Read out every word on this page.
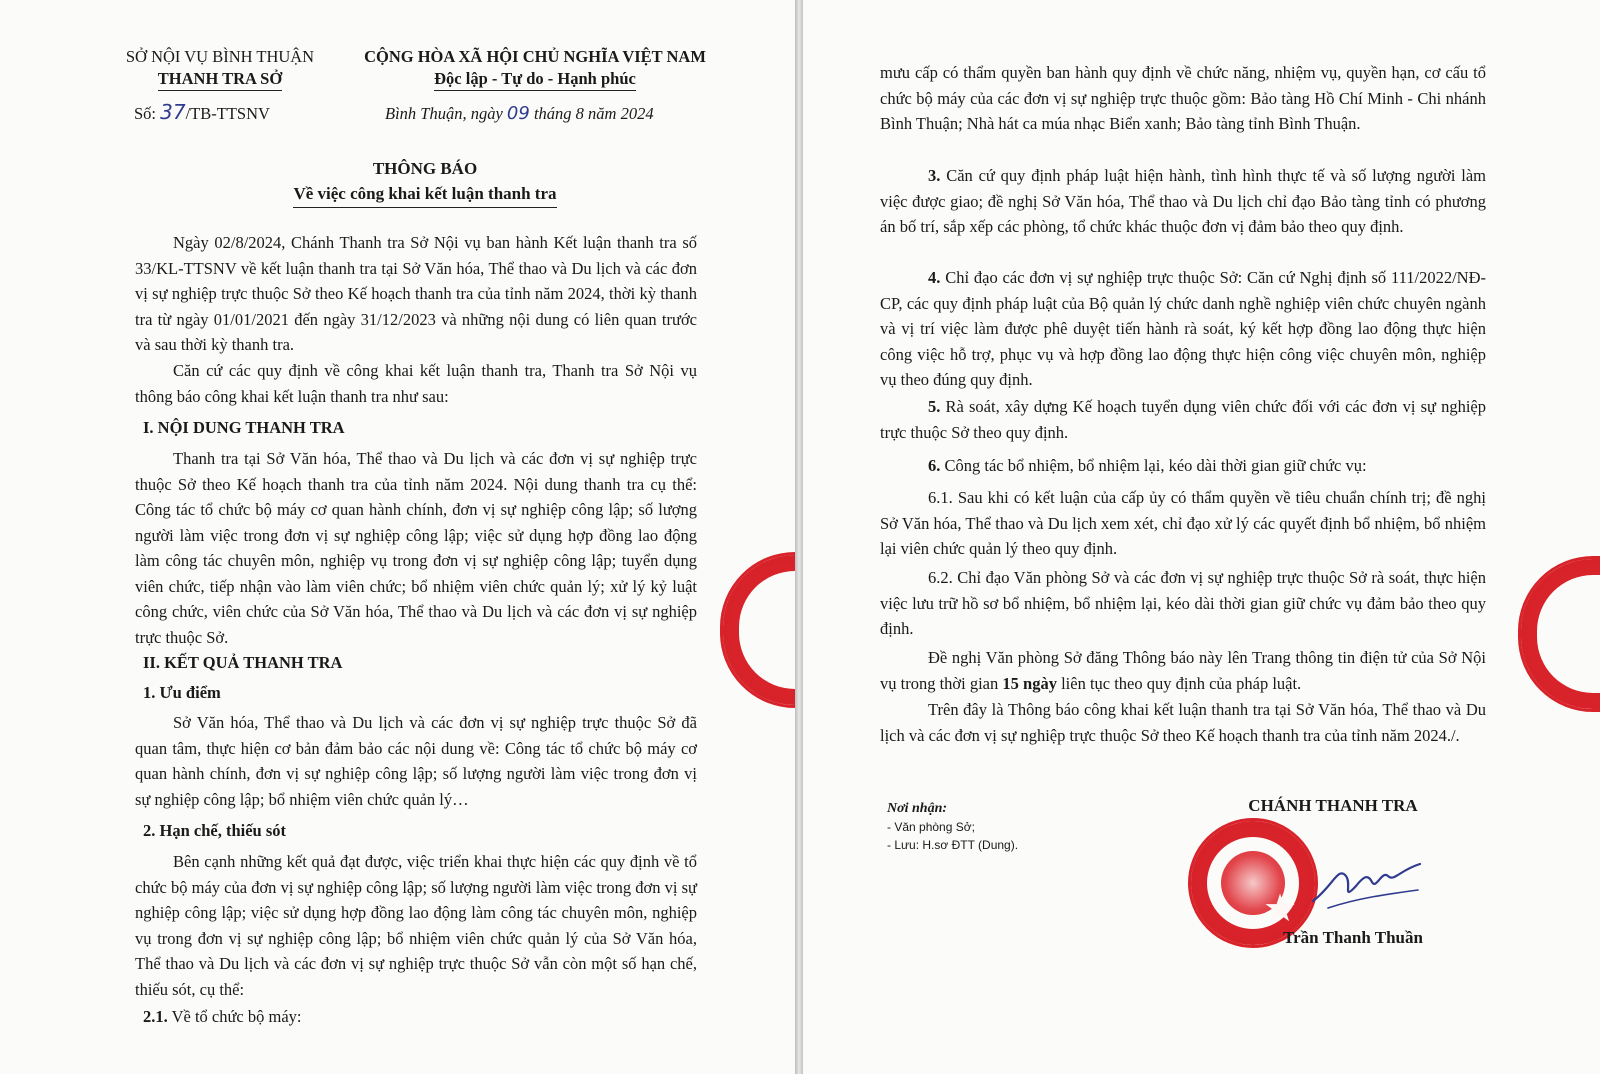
SỞ NỘI VỤ BÌNH THUẬN
THANH TRA SỞ
CỘNG HÒA XÃ HỘI CHỦ NGHĨA VIỆT NAM
Độc lập - Tự do - Hạnh phúc
Số: 37/TB-TTSNV	Bình Thuận, ngày 09 tháng 8 năm 2024
THÔNG BÁO
Về việc công khai kết luận thanh tra
Ngày 02/8/2024, Chánh Thanh tra Sở Nội vụ ban hành Kết luận thanh tra số 33/KL-TTSNV về kết luận thanh tra tại Sở Văn hóa, Thể thao và Du lịch và các đơn vị sự nghiệp trực thuộc Sở theo Kế hoạch thanh tra của tỉnh năm 2024, thời kỳ thanh tra từ ngày 01/01/2021 đến ngày 31/12/2023 và những nội dung có liên quan trước và sau thời kỳ thanh tra.
Căn cứ các quy định về công khai kết luận thanh tra, Thanh tra Sở Nội vụ thông báo công khai kết luận thanh tra như sau:
I. NỘI DUNG THANH TRA
Thanh tra tại Sở Văn hóa, Thể thao và Du lịch và các đơn vị sự nghiệp trực thuộc Sở theo Kế hoạch thanh tra của tỉnh năm 2024. Nội dung thanh tra cụ thể: Công tác tổ chức bộ máy cơ quan hành chính, đơn vị sự nghiệp công lập; số lượng người làm việc trong đơn vị sự nghiệp công lập; việc sử dụng hợp đồng lao động làm công tác chuyên môn, nghiệp vụ trong đơn vị sự nghiệp công lập; tuyển dụng viên chức, tiếp nhận vào làm viên chức; bổ nhiệm viên chức quản lý; xử lý kỷ luật công chức, viên chức của Sở Văn hóa, Thể thao và Du lịch và các đơn vị sự nghiệp trực thuộc Sở.
II. KẾT QUẢ THANH TRA
1. Ưu điểm
Sở Văn hóa, Thể thao và Du lịch và các đơn vị sự nghiệp trực thuộc Sở đã quan tâm, thực hiện cơ bản đảm bảo các nội dung về: Công tác tổ chức bộ máy cơ quan hành chính, đơn vị sự nghiệp công lập; số lượng người làm việc trong đơn vị sự nghiệp công lập; bổ nhiệm viên chức quản lý…
2. Hạn chế, thiếu sót
Bên cạnh những kết quả đạt được, việc triển khai thực hiện các quy định về tổ chức bộ máy của đơn vị sự nghiệp công lập; số lượng người làm việc trong đơn vị sự nghiệp công lập; việc sử dụng hợp đồng lao động làm công tác chuyên môn, nghiệp vụ trong đơn vị sự nghiệp công lập; bổ nhiệm viên chức quản lý của Sở Văn hóa, Thể thao và Du lịch và các đơn vị sự nghiệp trực thuộc Sở vẫn còn một số hạn chế, thiếu sót, cụ thể:
2.1. Về tổ chức bộ máy:
mưu cấp có thẩm quyền ban hành quy định về chức năng, nhiệm vụ, quyền hạn, cơ cấu tổ chức bộ máy của các đơn vị sự nghiệp trực thuộc gồm: Bảo tàng Hồ Chí Minh - Chi nhánh Bình Thuận; Nhà hát ca múa nhạc Biển xanh; Bảo tàng tỉnh Bình Thuận.
3. Căn cứ quy định pháp luật hiện hành, tình hình thực tế và số lượng người làm việc được giao; đề nghị Sở Văn hóa, Thể thao và Du lịch chỉ đạo Bảo tàng tỉnh có phương án bố trí, sắp xếp các phòng, tổ chức khác thuộc đơn vị đảm bảo theo quy định.
4. Chỉ đạo các đơn vị sự nghiệp trực thuộc Sở: Căn cứ Nghị định số 111/2022/NĐ-CP, các quy định pháp luật của Bộ quản lý chức danh nghề nghiệp viên chức chuyên ngành và vị trí việc làm được phê duyệt tiến hành rà soát, ký kết hợp đồng lao động thực hiện công việc hỗ trợ, phục vụ và hợp đồng lao động thực hiện công việc chuyên môn, nghiệp vụ theo đúng quy định.
5. Rà soát, xây dựng Kế hoạch tuyển dụng viên chức đối với các đơn vị sự nghiệp trực thuộc Sở theo quy định.
6. Công tác bổ nhiệm, bổ nhiệm lại, kéo dài thời gian giữ chức vụ:
6.1. Sau khi có kết luận của cấp ủy có thẩm quyền về tiêu chuẩn chính trị; đề nghị Sở Văn hóa, Thể thao và Du lịch xem xét, chỉ đạo xử lý các quyết định bổ nhiệm, bổ nhiệm lại viên chức quản lý theo quy định.
6.2. Chỉ đạo Văn phòng Sở và các đơn vị sự nghiệp trực thuộc Sở rà soát, thực hiện việc lưu trữ hồ sơ bổ nhiệm, bổ nhiệm lại, kéo dài thời gian giữ chức vụ đảm bảo theo quy định.
Đề nghị Văn phòng Sở đăng Thông báo này lên Trang thông tin điện tử của Sở Nội vụ trong thời gian 15 ngày liên tục theo quy định của pháp luật.
Trên đây là Thông báo công khai kết luận thanh tra tại Sở Văn hóa, Thể thao và Du lịch và các đơn vị sự nghiệp trực thuộc Sở theo Kế hoạch thanh tra của tỉnh năm 2024./.
Nơi nhận:
- Văn phòng Sở;
- Lưu: H.sơ ĐTT (Dung).
CHÁNH THANH TRA
★
Trần Thanh Thuần
